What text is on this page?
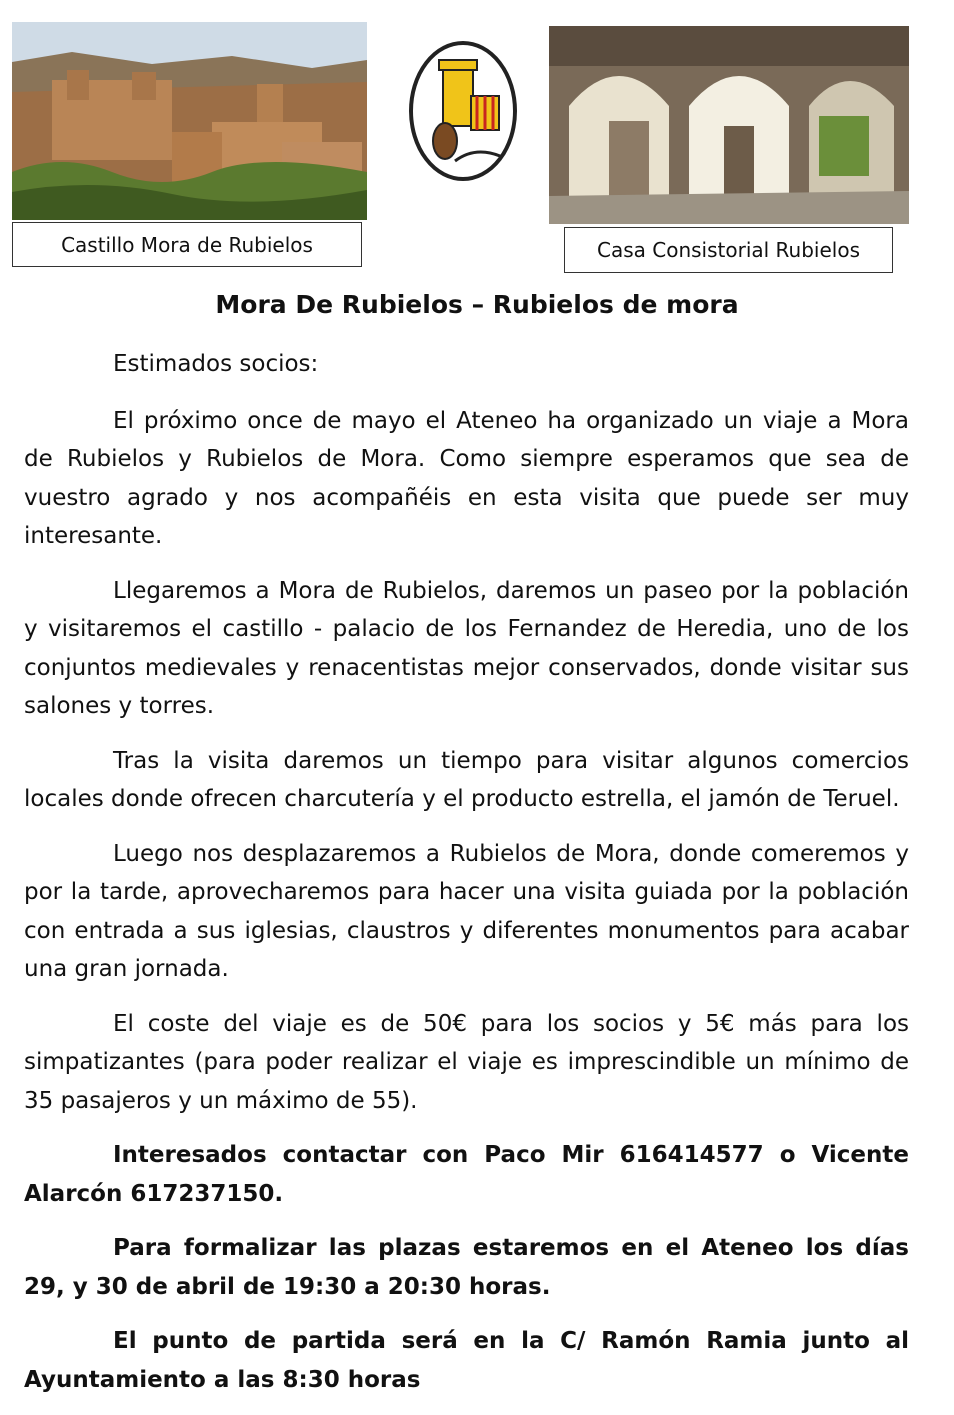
Castillo Mora de Rubielos	Casa Consistorial Rubielos
Mora De Rubielos – Rubielos de mora

Estimados socios:

El próximo once de mayo el Ateneo ha organizado un viaje a Mora de Rubielos y Rubielos de Mora. Como siempre esperamos que sea de vuestro agrado y nos acompañéis en esta visita que puede ser muy interesante.

Llegaremos a Mora de Rubielos, daremos un paseo por la población y visitaremos el castillo - palacio de los Fernandez de Heredia, uno de los conjuntos medievales y renacentistas mejor conservados, donde visitar sus salones y torres.

Tras la visita daremos un tiempo para visitar algunos comercios locales donde ofrecen charcutería y el producto estrella, el jamón de Teruel.

Luego nos desplazaremos a Rubielos de Mora, donde comeremos y por la tarde, aprovecharemos para hacer una visita guiada por la población con entrada a sus iglesias, claustros y diferentes monumentos para acabar una gran jornada.

El coste del viaje es de 50€ para los socios y 5€ más para los simpatizantes (para poder realizar el viaje es imprescindible un mínimo de 35 pasajeros y un máximo de 55).

Interesados contactar con Paco Mir 616414577 o Vicente Alarcón 617237150.

Para formalizar las plazas estaremos en el Ateneo los días 29, y 30 de abril de 19:30 a 20:30 horas.

El punto de partida será en la C/ Ramón Ramia junto al Ayuntamiento a las 8:30 horas
